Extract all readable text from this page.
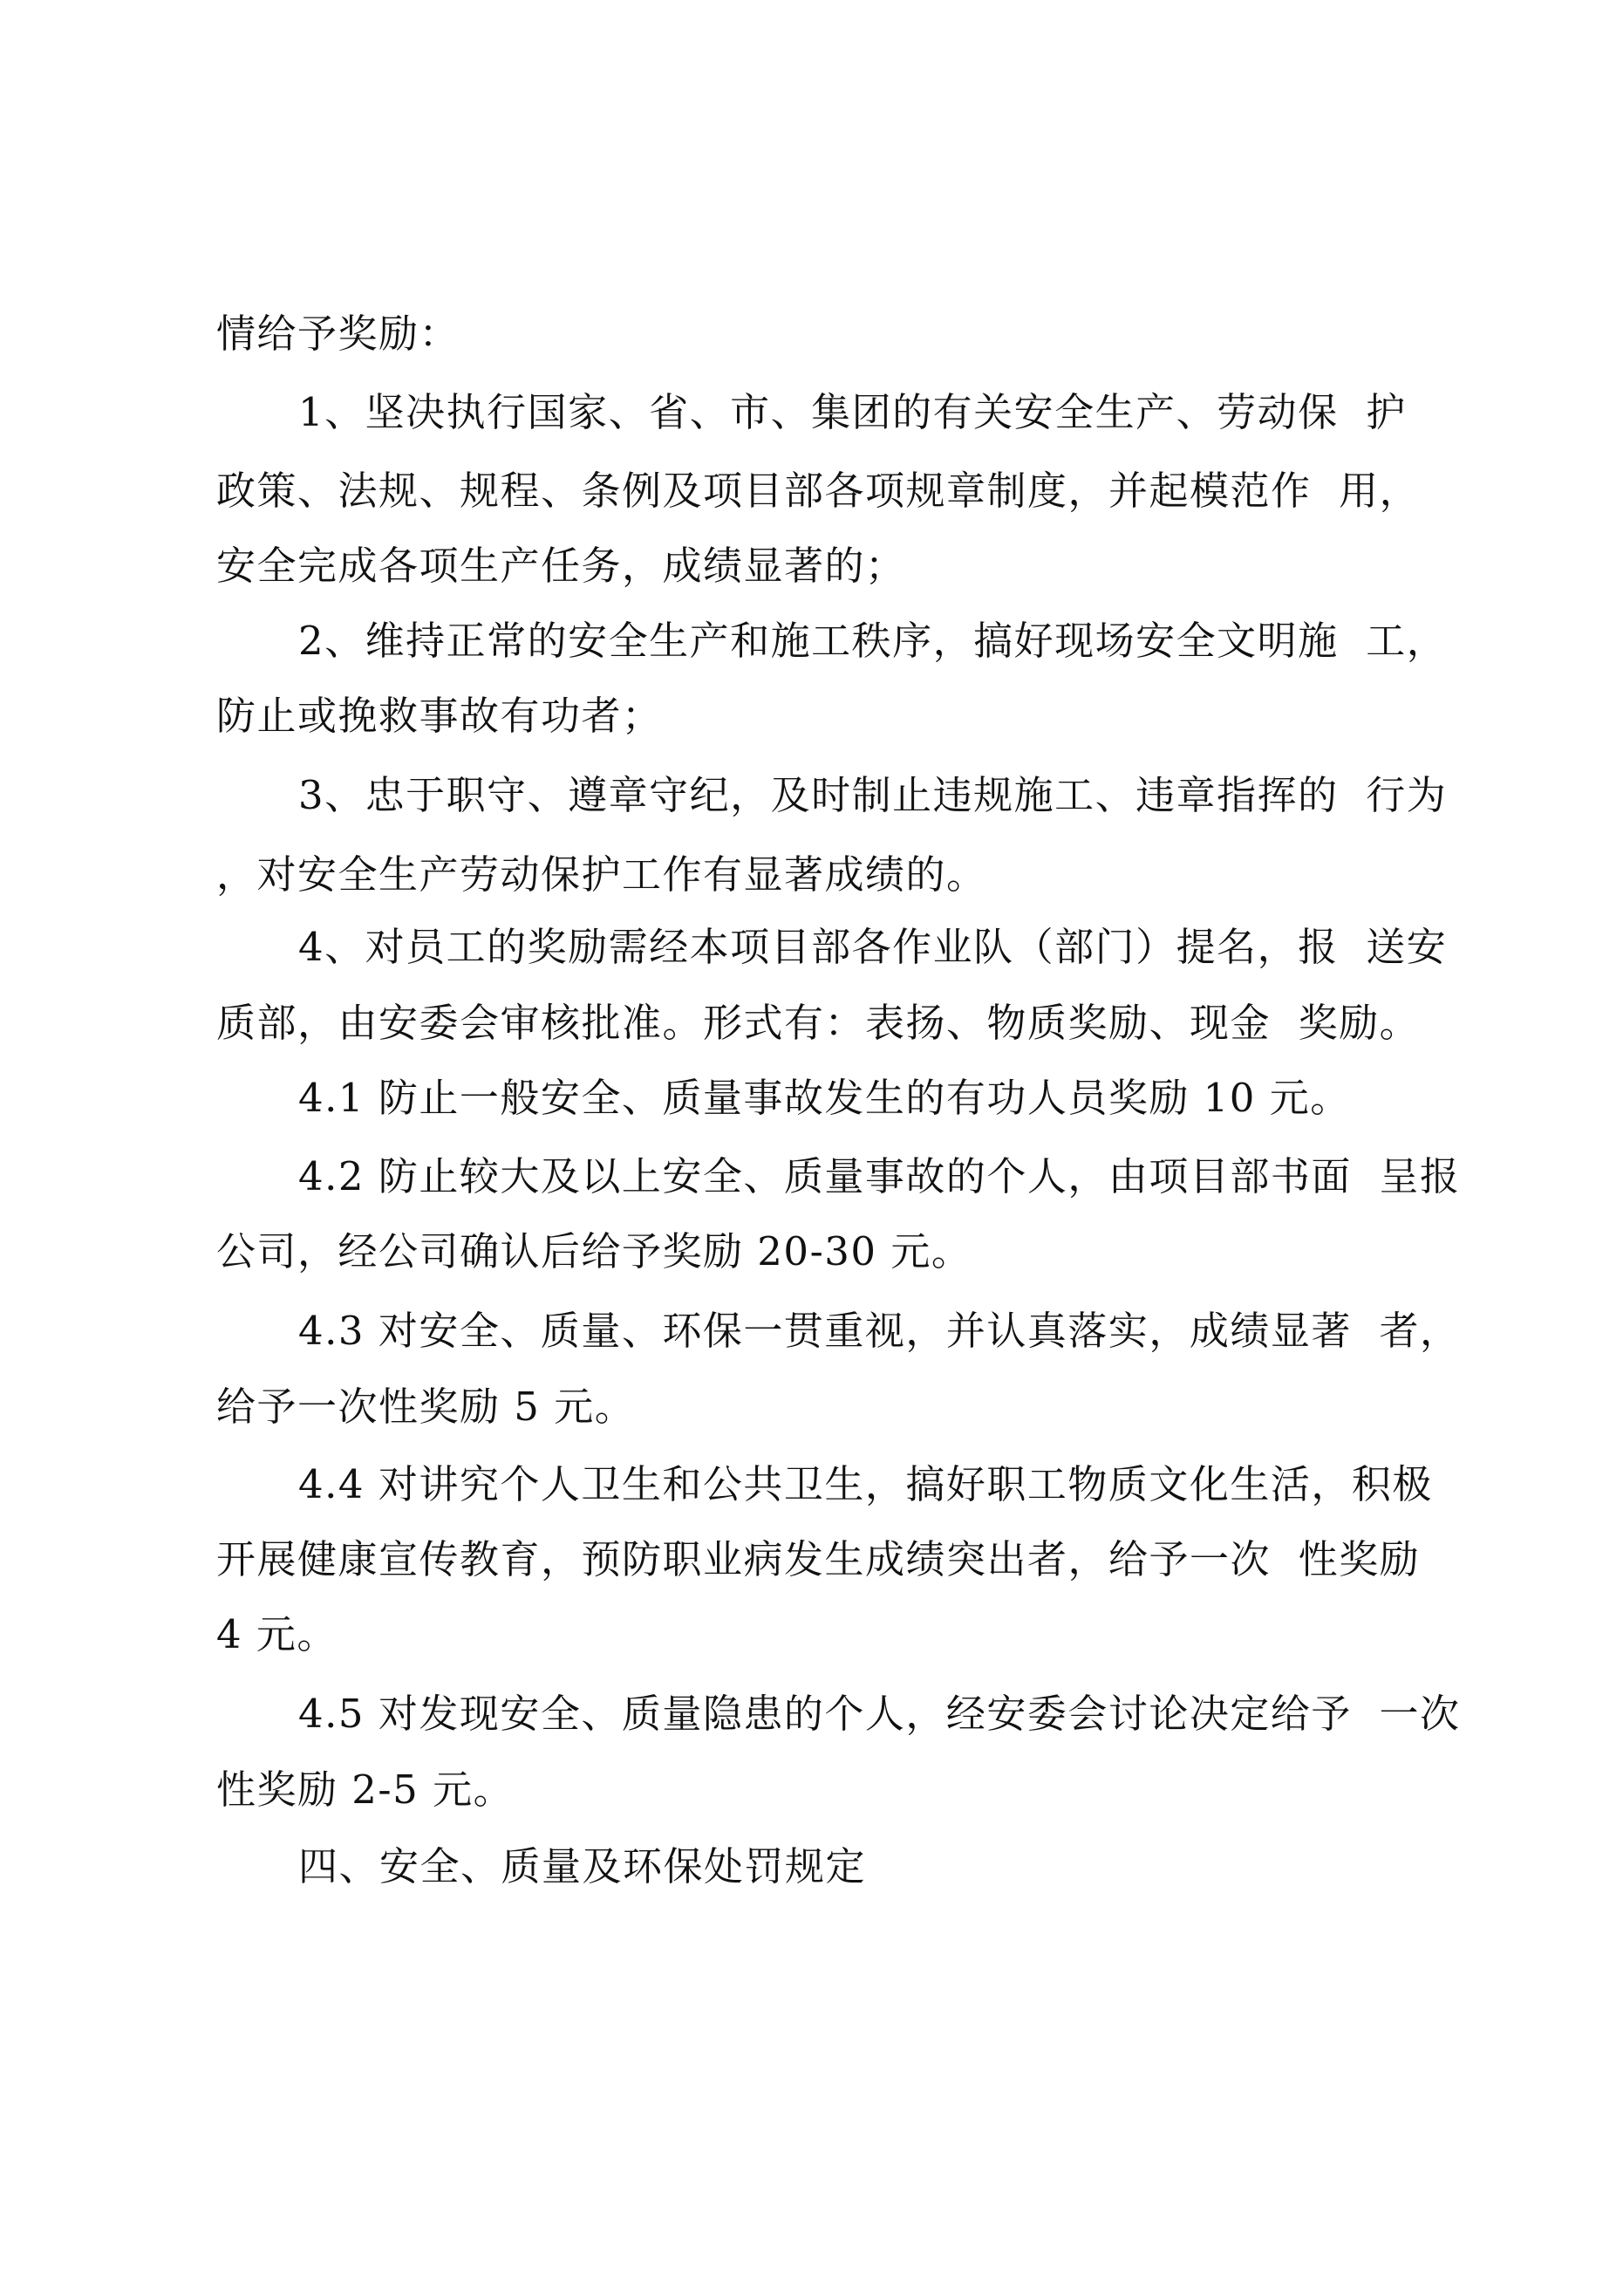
情给予奖励：
1、坚决执行国家、省、市、集团的有关安全生产、劳动保  护
政策、法规、规程、条例及项目部各项规章制度，并起模范作  用，
安全完成各项生产任务，成绩显著的；
2、维持正常的安全生产和施工秩序，搞好现场安全文明施  工，
防止或挽救事故有功者；
3、忠于职守、遵章守纪，及时制止违规施工、违章指挥的  行为
，对安全生产劳动保护工作有显著成绩的。
4、对员工的奖励需经本项目部各作业队（部门）提名，报  送安
质部，由安委会审核批准。形式有：表扬、物质奖励、现金  奖励。
4.1 防止一般安全、质量事故发生的有功人员奖励 10 元。
4.2 防止较大及以上安全、质量事故的个人，由项目部书面  呈报
公司，经公司确认后给予奖励 20-30 元。
4.3 对安全、质量、环保一贯重视，并认真落实，成绩显著  者，
给予一次性奖励 5 元。
4.4 对讲究个人卫生和公共卫生，搞好职工物质文化生活，积极
开展健康宣传教育，预防职业病发生成绩突出者，给予一次  性奖励
4 元。
4.5 对发现安全、质量隐患的个人，经安委会讨论决定给予  一次
性奖励 2-5 元。
四、安全、质量及环保处罚规定
